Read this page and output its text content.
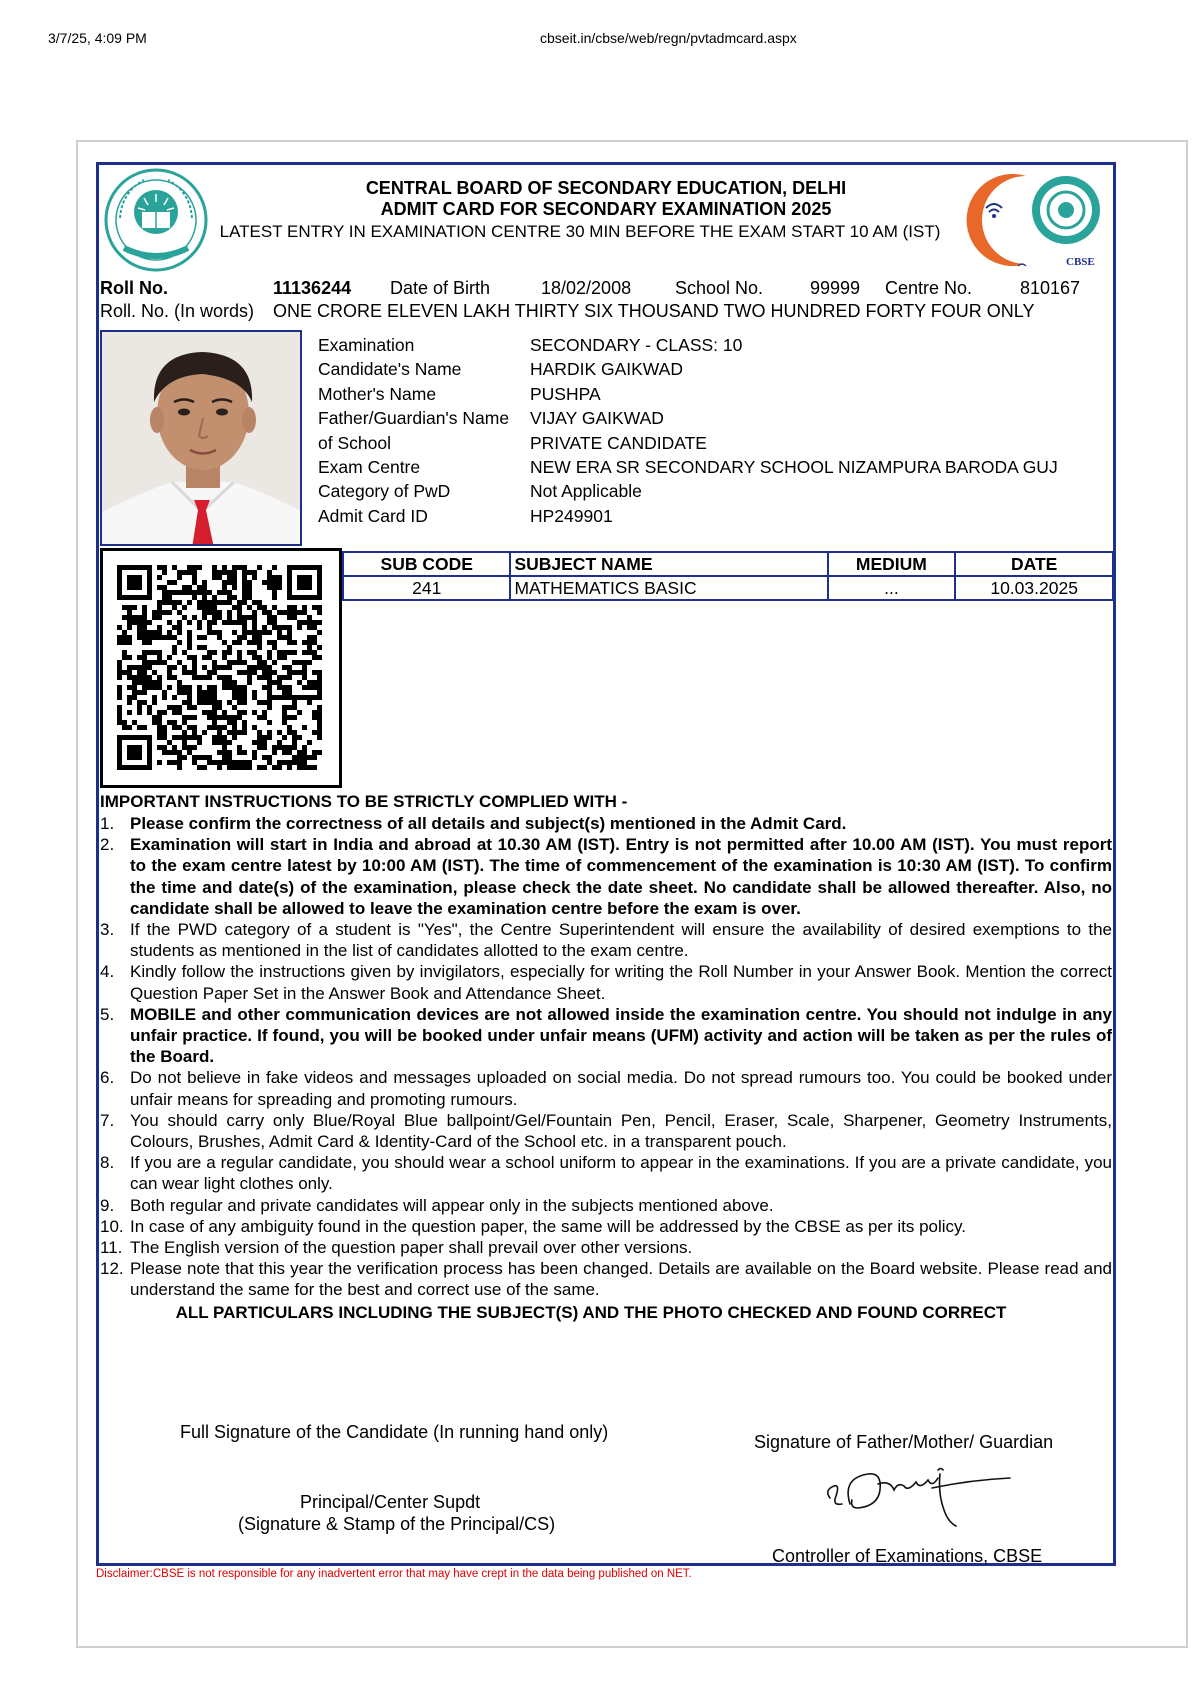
3/7/25, 4:09 PM	cbseit.in/cbse/web/regn/pvtadmcard.aspx
CBSE
CENTRAL BOARD OF SECONDARY EDUCATION, DELHI
ADMIT CARD FOR SECONDARY EXAMINATION 2025
LATEST ENTRY IN EXAMINATION CENTRE 30 MIN BEFORE THE EXAM START 10 AM (IST)
Roll No.	11136244 Date of Birth	18/02/2008 School No.	99999 Centre No.	810167
Roll. No. (In words) ONE CRORE ELEVEN LAKH THIRTY SIX THOUSAND TWO HUNDRED FORTY FOUR ONLY
Examination	SECONDARY - CLASS: 10
Candidate's Name	HARDIK GAIKWAD
Mother's Name	PUSHPA
Father/Guardian's Name VIJAY GAIKWAD
of School	PRIVATE CANDIDATE
Exam Centre	NEW ERA SR SECONDARY SCHOOL NIZAMPURA BARODA GUJ
Category of PwD	Not Applicable
Admit Card ID	HP249901
SUB CODE	SUBJECT NAME	MEDIUM	DATE
241	MATHEMATICS BASIC	...	10.03.2025
IMPORTANT INSTRUCTIONS TO BE STRICTLY COMPLIED WITH -
1. Please confirm the correctness of all details and subject(s) mentioned in the Admit Card.
2. Examination will start in India and abroad at 10.30 AM (IST). Entry is not permitted after 10.00 AM (IST). You must report to the exam centre latest by 10:00 AM (IST). The time of commencement of the examination is 10:30 AM (IST). To confirm the time and date(s) of the examination, please check the date sheet. No candidate shall be allowed thereafter. Also, no candidate shall be allowed to leave the examination centre before the exam is over.
3. If the PWD category of a student is "Yes", the Centre Superintendent will ensure the availability of desired exemptions to the students as mentioned in the list of candidates allotted to the exam centre.
4. Kindly follow the instructions given by invigilators, especially for writing the Roll Number in your Answer Book. Mention the correct Question Paper Set in the Answer Book and Attendance Sheet.
5. MOBILE and other communication devices are not allowed inside the examination centre. You should not indulge in any unfair practice. If found, you will be booked under unfair means (UFM) activity and action will be taken as per the rules of the Board.
6. Do not believe in fake videos and messages uploaded on social media. Do not spread rumours too. You could be booked under unfair means for spreading and promoting rumours.
7. You should carry only Blue/Royal Blue ballpoint/Gel/Fountain Pen, Pencil, Eraser, Scale, Sharpener, Geometry Instruments, Colours, Brushes, Admit Card & Identity-Card of the School etc. in a transparent pouch.
8. If you are a regular candidate, you should wear a school uniform to appear in the examinations. If you are a private candidate, you can wear light clothes only.
9. Both regular and private candidates will appear only in the subjects mentioned above.
10. In case of any ambiguity found in the question paper, the same will be addressed by the CBSE as per its policy.
11. The English version of the question paper shall prevail over other versions.
12. Please note that this year the verification process has been changed. Details are available on the Board website. Please read and understand the same for the best and correct use of the same.
ALL PARTICULARS INCLUDING THE SUBJECT(S) AND THE PHOTO CHECKED AND FOUND CORRECT
Full Signature of the Candidate (In running hand only)	Signature of Father/Mother/ Guardian
Principal/Center Supdt
(Signature & Stamp of the Principal/CS)
Controller of Examinations, CBSE
Disclaimer:CBSE is not responsible for any inadvertent error that may have crept in the data being published on NET.
